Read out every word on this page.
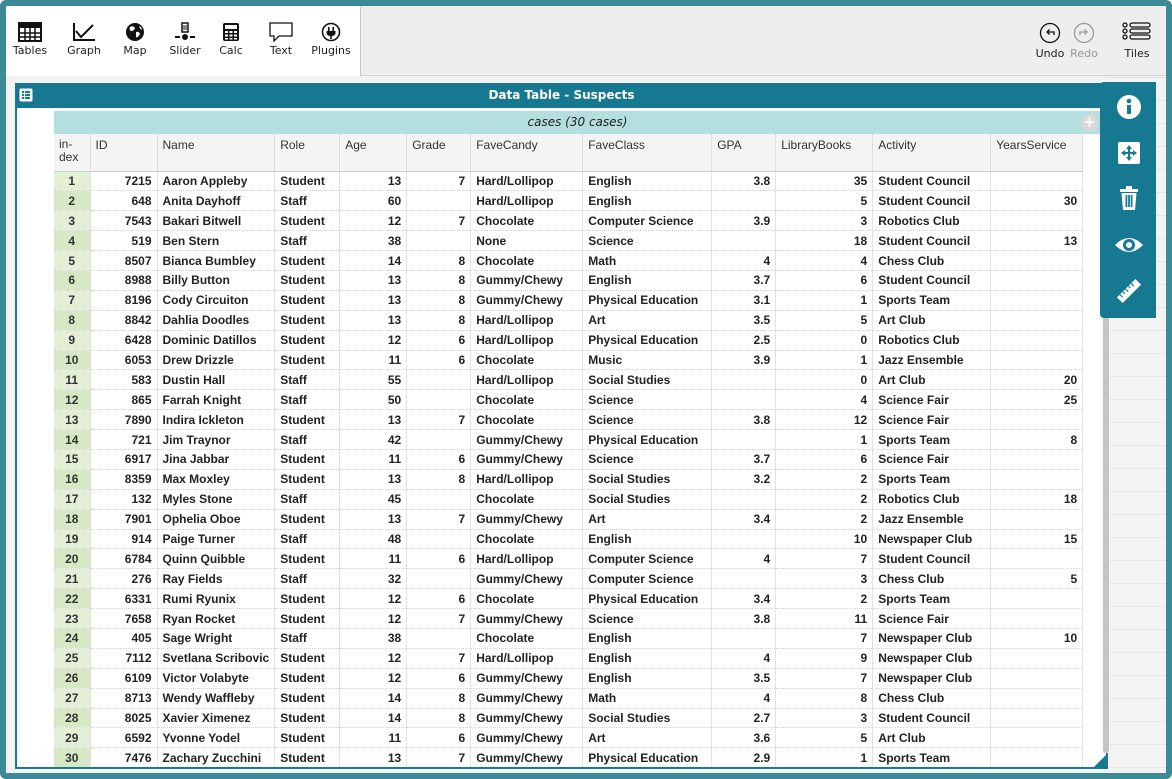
Tables Graph	Map	Slider	Calc	Text	Plugins	Undo Redo	Tiles
Data Table - Suspects
cases (30 cases)	+
in-dex	ID	Name	Role	Age	Grade	FaveCandy	FaveClass	GPA	LibraryBooks	Activity	YearsService
1	7215	Aaron Appleby	Student	13	7	Hard/Lollipop	English	3.8	35	Student Council	
2	648	Anita Dayhoff	Staff	60		Hard/Lollipop	English		5	Student Council	30
3	7543	Bakari Bitwell	Student	12	7	Chocolate	Computer Science	3.9	3	Robotics Club	
4	519	Ben Stern	Staff	38		None	Science		18	Student Council	13
5	8507	Bianca Bumbley	Student	14	8	Chocolate	Math	4	4	Chess Club	
6	8988	Billy Button	Student	13	8	Gummy/Chewy	English	3.7	6	Student Council	
7	8196	Cody Circuiton	Student	13	8	Gummy/Chewy	Physical Education	3.1	1	Sports Team	
8	8842	Dahlia Doodles	Student	13	8	Hard/Lollipop	Art	3.5	5	Art Club	
9	6428	Dominic Datillos	Student	12	6	Hard/Lollipop	Physical Education	2.5	0	Robotics Club	
10	6053	Drew Drizzle	Student	11	6	Chocolate	Music	3.9	1	Jazz Ensemble	
11	583	Dustin Hall	Staff	55		Hard/Lollipop	Social Studies		0	Art Club	20
12	865	Farrah Knight	Staff	50		Chocolate	Science		4	Science Fair	25
13	7890	Indira Ickleton	Student	13	7	Chocolate	Science	3.8	12	Science Fair	
14	721	Jim Traynor	Staff	42		Gummy/Chewy	Physical Education		1	Sports Team	8
15	6917	Jina Jabbar	Student	11	6	Gummy/Chewy	Science	3.7	6	Science Fair	
16	8359	Max Moxley	Student	13	8	Hard/Lollipop	Social Studies	3.2	2	Sports Team	
17	132	Myles Stone	Staff	45		Chocolate	Social Studies		2	Robotics Club	18
18	7901	Ophelia Oboe	Student	13	7	Gummy/Chewy	Art	3.4	2	Jazz Ensemble	
19	914	Paige Turner	Staff	48		Chocolate	English		10	Newspaper Club	15
20	6784	Quinn Quibble	Student	11	6	Hard/Lollipop	Computer Science	4	7	Student Council	
21	276	Ray Fields	Staff	32		Gummy/Chewy	Computer Science		3	Chess Club	5
22	6331	Rumi Ryunix	Student	12	6	Chocolate	Physical Education	3.4	2	Sports Team	
23	7658	Ryan Rocket	Student	12	7	Gummy/Chewy	Science	3.8	11	Science Fair	
24	405	Sage Wright	Staff	38		Chocolate	English		7	Newspaper Club	10
25	7112	Svetlana Scribovic	Student	12	7	Hard/Lollipop	English	4	9	Newspaper Club	
26	6109	Victor Volabyte	Student	12	6	Gummy/Chewy	English	3.5	7	Newspaper Club	
27	8713	Wendy Waffleby	Student	14	8	Gummy/Chewy	Math	4	8	Chess Club	
28	8025	Xavier Ximenez	Student	14	8	Gummy/Chewy	Social Studies	2.7	3	Student Council	
29	6592	Yvonne Yodel	Student	11	6	Gummy/Chewy	Art	3.6	5	Art Club	
30	7476	Zachary Zucchini	Student	13	7	Gummy/Chewy	Physical Education	2.9	1	Sports Team	
